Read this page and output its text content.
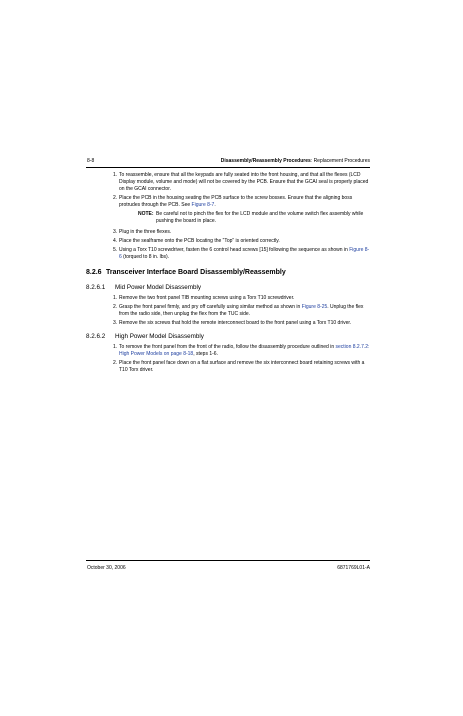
8-8	Disassembly/Reassembly Procedures: Replacement Procedures
1. To reassemble, ensure that all the keypads are fully seated into the front housing, and that all the flexes (LCD Display module, volume and mode) will not be covered by the PCB. Ensure that the GCAI seal is properly placed on the GCAI connector.
2. Place the PCB in the housing seating the PCB surface to the screw bosses. Ensure that the aligning boss protrudes through the PCB. See Figure 8-7.
NOTE: Be careful not to pinch the flex for the LCD module and the volume switch flex assembly while pushing the board in place.
3. Plug in the three flexes.
4. Place the sealframe onto the PCB locating the “Top” is oriented correctly.
5. Using a Torx T10 screwdriver, fasten the 6 control head screws [15] following the sequence as shown in Figure 8-6 (torqued to 8 in. lbs).
8.2.6 Transceiver Interface Board Disassembly/Reassembly
8.2.6.1 Mid Power Model Disassembly
1. Remove the two front panel TIB mounting screws using a Torx T10 screwdriver.
2. Grasp the front panel firmly, and pry off carefully using similar method as shown in Figure 8-25. Unplug the flex from the radio side, then unplug the flex from the TUC side.
3. Remove the six screws that hold the remote interconnect board to the front panel using a Torx T10 driver.
8.2.6.2 High Power Model Disassembly
1. To remove the front panel from the front of the radio, follow the disassembly procedure outlined in section 8.2.7.2: High Power Models on page 8-18, steps 1-6.
2. Place the front panel face down on a flat surface and remove the six interconnect board retaining screws with a T10 Torx driver.
October 30, 2006	6871769L01-A
